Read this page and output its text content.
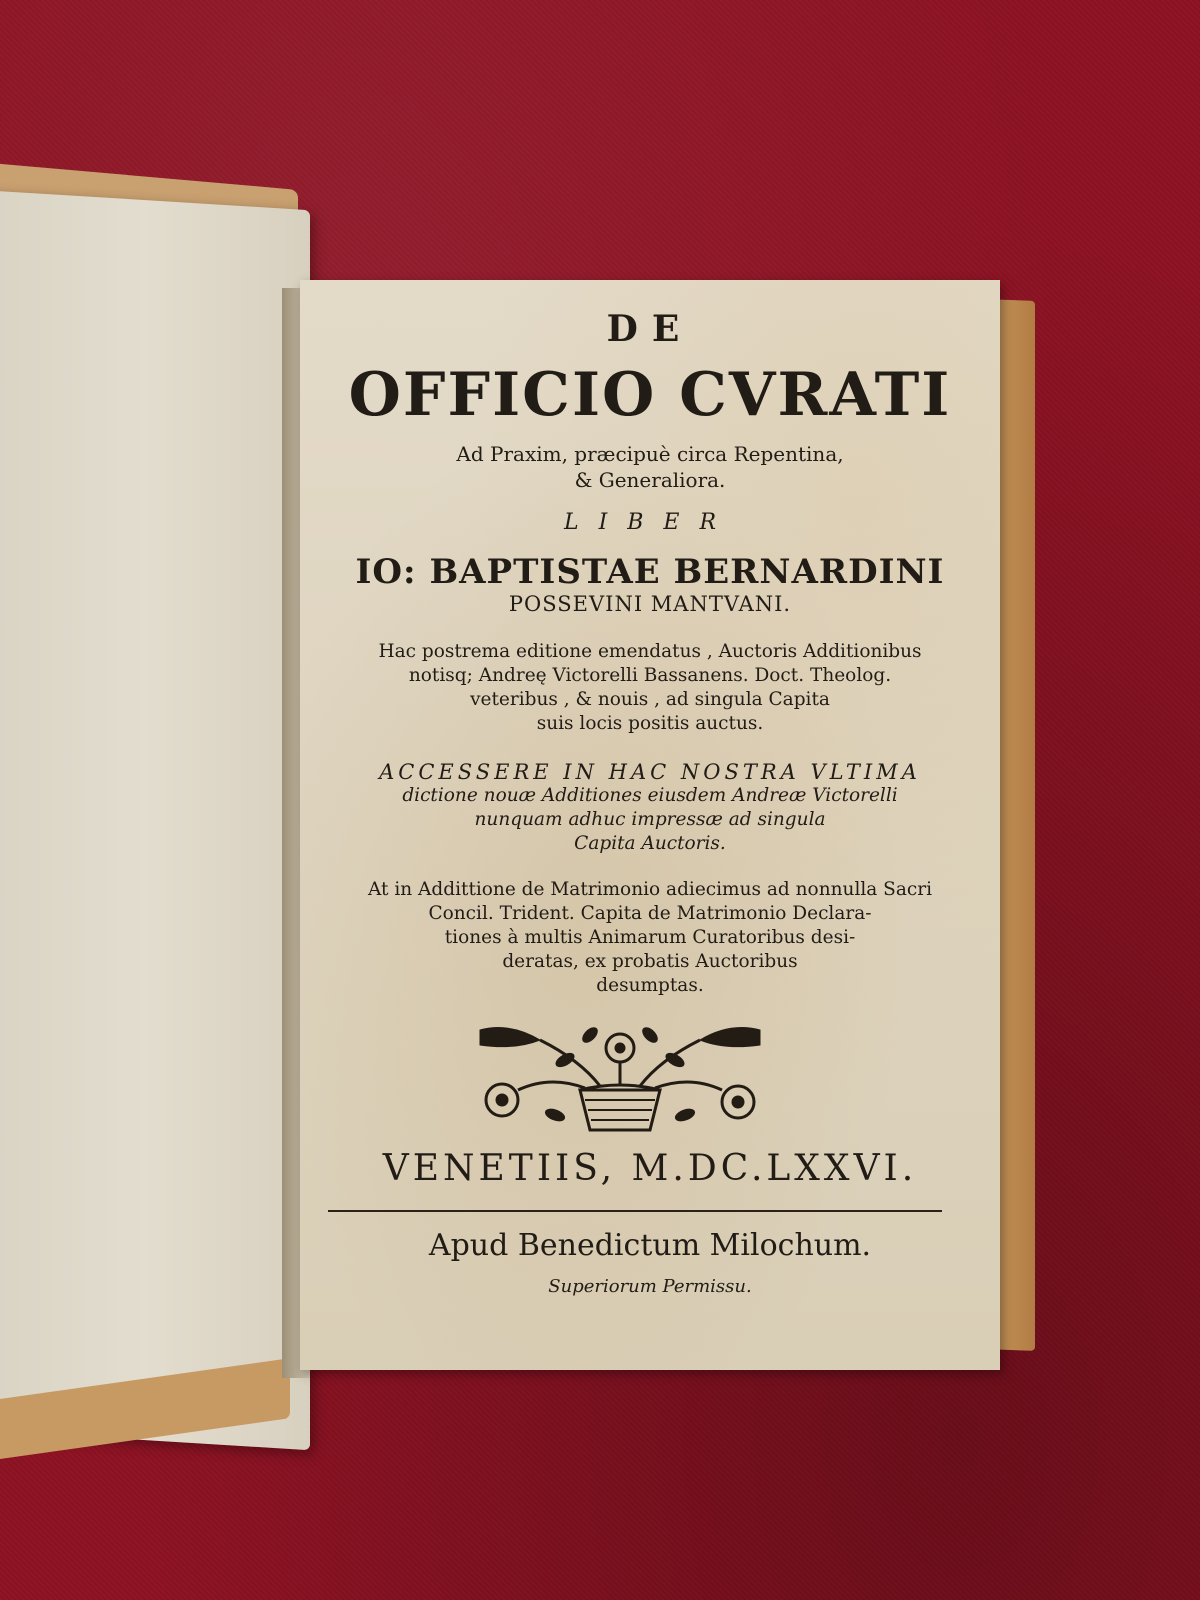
DE
OFFICIO CVRATI
Ad Praxim, præcipuè circa Repentina,
& Generaliora.
LIBER
IO: BAPTISTAE BERNARDINI
POSSEVINI MANTVANI.
Hac postrema editione emendatus , Auctoris Additionibus
notisq; Andreę Victorelli Bassanens. Doct. Theolog.
veteribus , & nouis , ad singula Capita
suis locis positis auctus.
ACCESSERE IN HAC NOSTRA VLTIMA
dictione nouæ Additiones eiusdem Andreæ Victorelli
nunquam adhuc impressæ ad singula
Capita Auctoris.
At in Addittione de Matrimonio adiecimus ad nonnulla Sacri
Concil. Trident. Capita de Matrimonio Declara-
tiones à multis Animarum Curatoribus desi-
deratas, ex probatis Auctoribus
desumptas.
VENETIIS, M.DC.LXXVI.
Apud Benedictum Milochum.
Superiorum Permissu.
